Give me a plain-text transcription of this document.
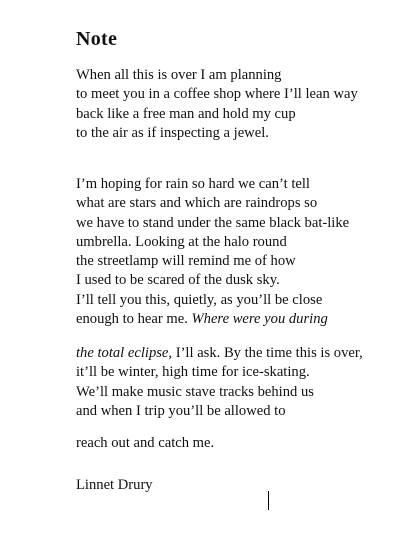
Note
When all this is over I am planning
to meet you in a coffee shop where I’ll lean way
back like a free man and hold my cup
to the air as if inspecting a jewel.
I’m hoping for rain so hard we can’t tell
what are stars and which are raindrops so
we have to stand under the same black bat-like
umbrella. Looking at the halo round
the streetlamp will remind me of how
I used to be scared of the dusk sky.
I’ll tell you this, quietly, as you’ll be close
enough to hear me. Where were you during
the total eclipse, I’ll ask. By the time this is over,
it’ll be winter, high time for ice-skating.
We’ll make music stave tracks behind us
and when I trip you’ll be allowed to
reach out and catch me.
Linnet Drury
